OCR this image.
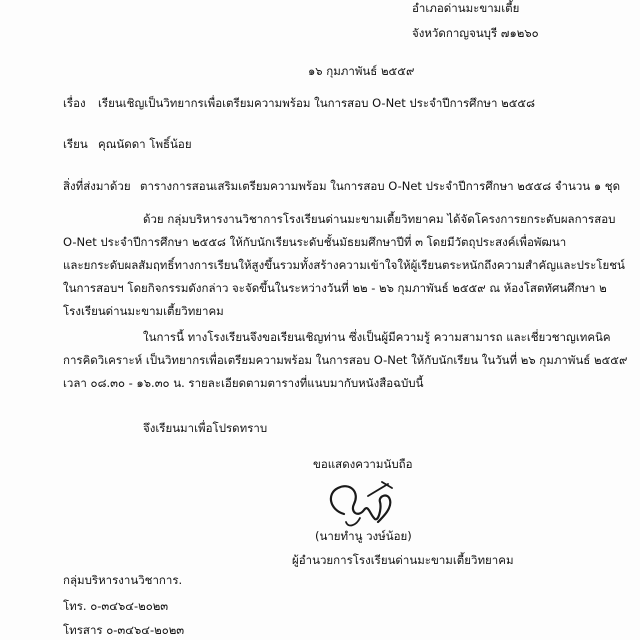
อำเภอด่านมะขามเตี้ย
จังหวัดกาญจนบุรี ๗๑๒๖๐
๑๖ กุมภาพันธ์ ๒๕๕๙
เรื่อง เรียนเชิญเป็นวิทยากรเพื่อเตรียมความพร้อม ในการสอบ O-Net ประจำปีการศึกษา ๒๕๕๘
เรียน คุณนัดดา โพธิ์น้อย
สิ่งที่ส่งมาด้วย ตารางการสอนเสริมเตรียมความพร้อม ในการสอบ O-Net ประจำปีการศึกษา ๒๕๕๘ จำนวน ๑ ชุด
ด้วย กลุ่มบริหารงานวิชาการโรงเรียนด่านมะขามเตี้ยวิทยาคม ได้จัดโครงการยกระดับผลการสอบ
O-Net ประจำปีการศึกษา ๒๕๕๘ ให้กับนักเรียนระดับชั้นมัธยมศึกษาปีที่ ๓ โดยมีวัตถุประสงค์เพื่อพัฒนา
และยกระดับผลสัมฤทธิ์ทางการเรียนให้สูงขึ้นรวมทั้งสร้างความเข้าใจให้ผู้เรียนตระหนักถึงความสำคัญและประโยชน์
ในการสอบฯ โดยกิจกรรมดังกล่าว จะจัดขึ้นในระหว่างวันที่ ๒๒ - ๒๖ กุมภาพันธ์ ๒๕๕๙ ณ ห้องโสตทัศนศึกษา ๒
โรงเรียนด่านมะขามเตี้ยวิทยาคม
ในการนี้ ทางโรงเรียนจึงขอเรียนเชิญท่าน ซึ่งเป็นผู้มีความรู้ ความสามารถ และเชี่ยวชาญเทคนิค
การคิดวิเคราะห์ เป็นวิทยากรเพื่อเตรียมความพร้อม ในการสอบ O-Net ให้กับนักเรียน ในวันที่ ๒๖ กุมภาพันธ์ ๒๕๕๙
เวลา ๐๘.๓๐ - ๑๖.๓๐ น. รายละเอียดตามตารางที่แนบมากับหนังสือฉบับนี้
จึงเรียนมาเพื่อโปรดทราบ
ขอแสดงความนับถือ
(นายทำนู วงษ์น้อย)
ผู้อำนวยการโรงเรียนด่านมะขามเตี้ยวิทยาคม
กลุ่มบริหารงานวิชาการ.
โทร. ๐-๓๔๖๔-๒๐๒๓
โทรสาร ๐-๓๔๖๔-๒๐๒๓
